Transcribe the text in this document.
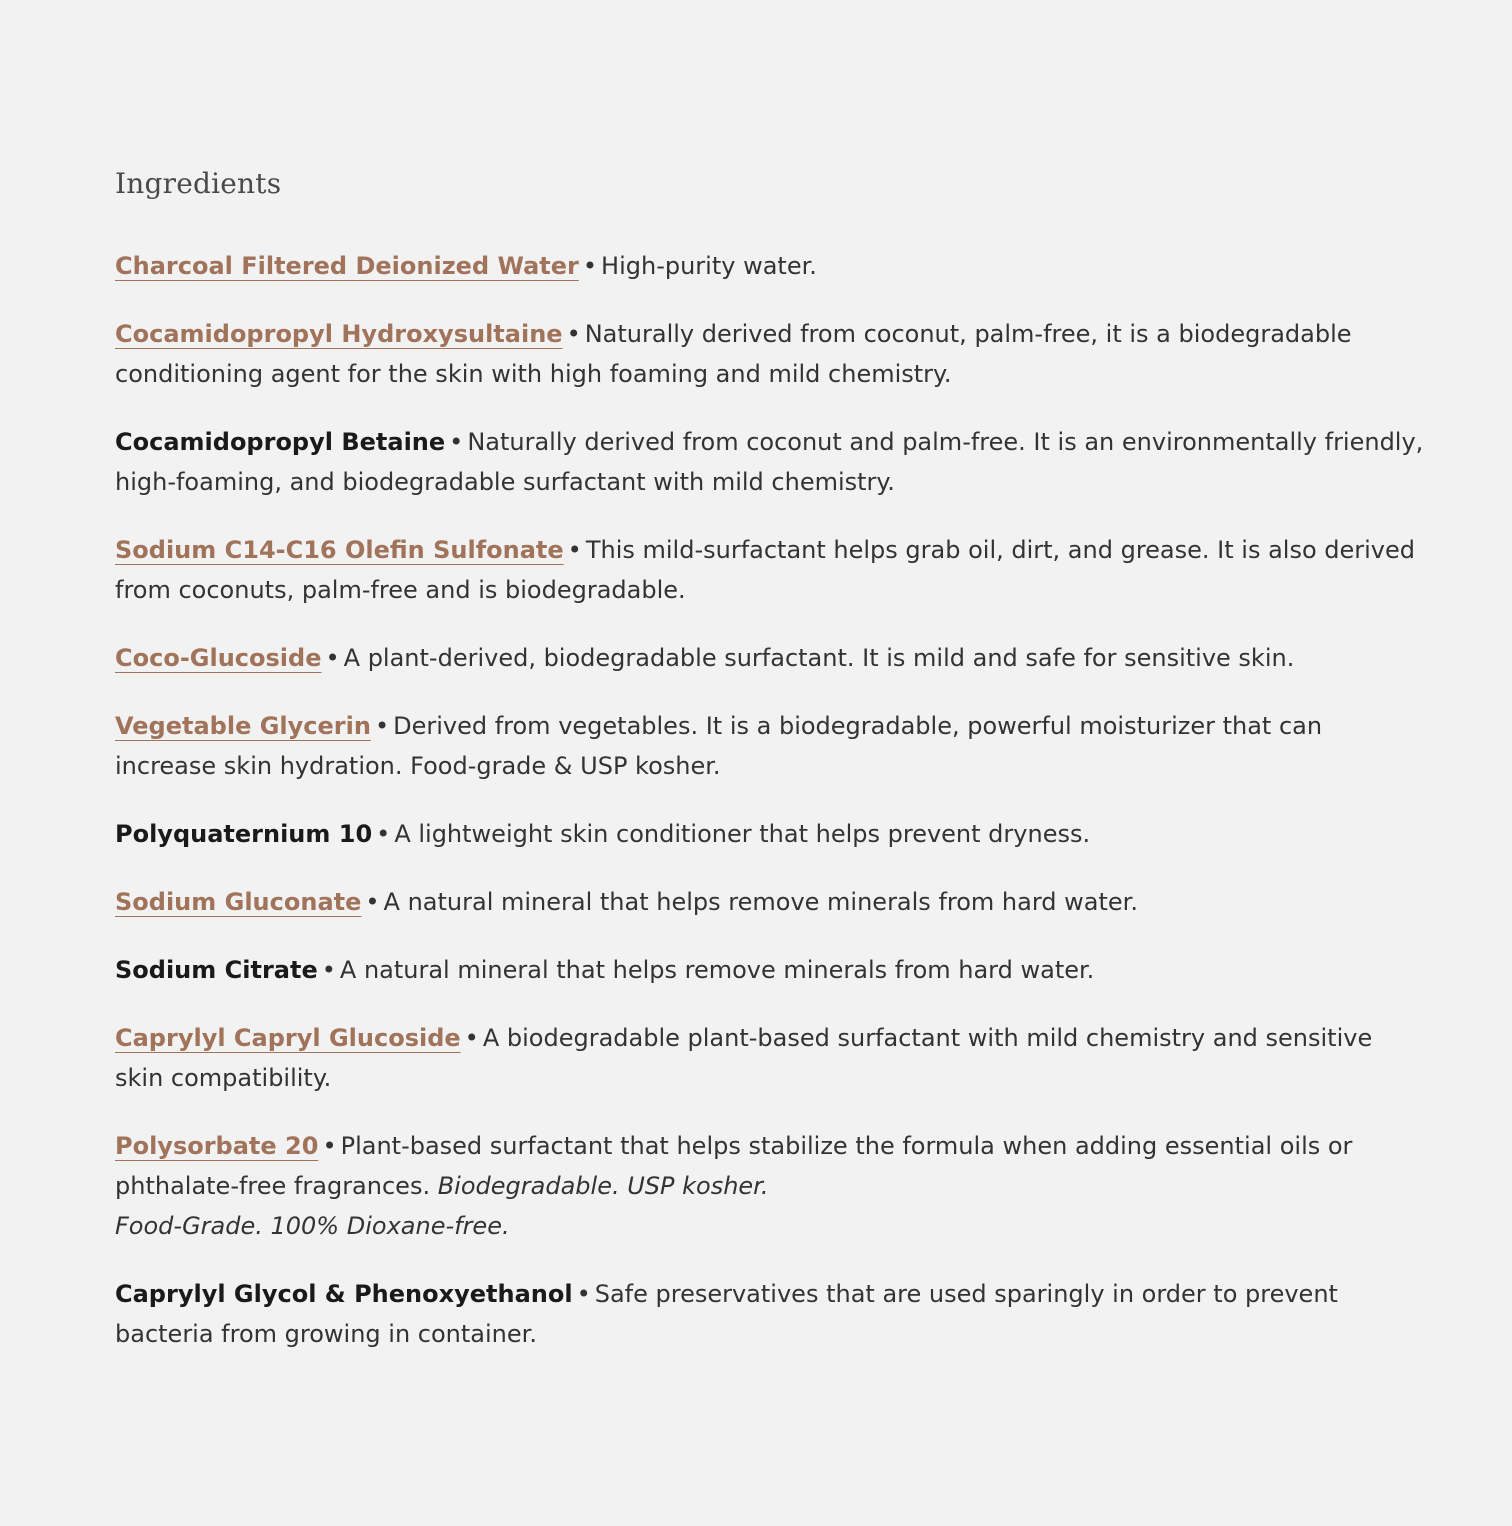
Ingredients

Charcoal Filtered Deionized Water • High-purity water.

Cocamidopropyl Hydroxysultaine • Naturally derived from coconut, palm-free, it is a biodegradable conditioning agent for the skin with high foaming and mild chemistry.

Cocamidopropyl Betaine • Naturally derived from coconut and palm-free. It is an environmentally friendly, high-foaming, and biodegradable surfactant with mild chemistry.

Sodium C14-C16 Olefin Sulfonate • This mild-surfactant helps grab oil, dirt, and grease. It is also derived from coconuts, palm-free and is biodegradable.

Coco-Glucoside • A plant-derived, biodegradable surfactant. It is mild and safe for sensitive skin.

Vegetable Glycerin • Derived from vegetables. It is a biodegradable, powerful moisturizer that can increase skin hydration. Food-grade & USP kosher.

Polyquaternium 10 • A lightweight skin conditioner that helps prevent dryness.

Sodium Gluconate • A natural mineral that helps remove minerals from hard water.

Sodium Citrate • A natural mineral that helps remove minerals from hard water.

Caprylyl Capryl Glucoside • A biodegradable plant-based surfactant with mild chemistry and sensitive skin compatibility.

Polysorbate 20 • Plant-based surfactant that helps stabilize the formula when adding essential oils or phthalate-free fragrances. Biodegradable. USP kosher.
Food-Grade. 100% Dioxane-free.

Caprylyl Glycol & Phenoxyethanol • Safe preservatives that are used sparingly in order to prevent bacteria from growing in container.
